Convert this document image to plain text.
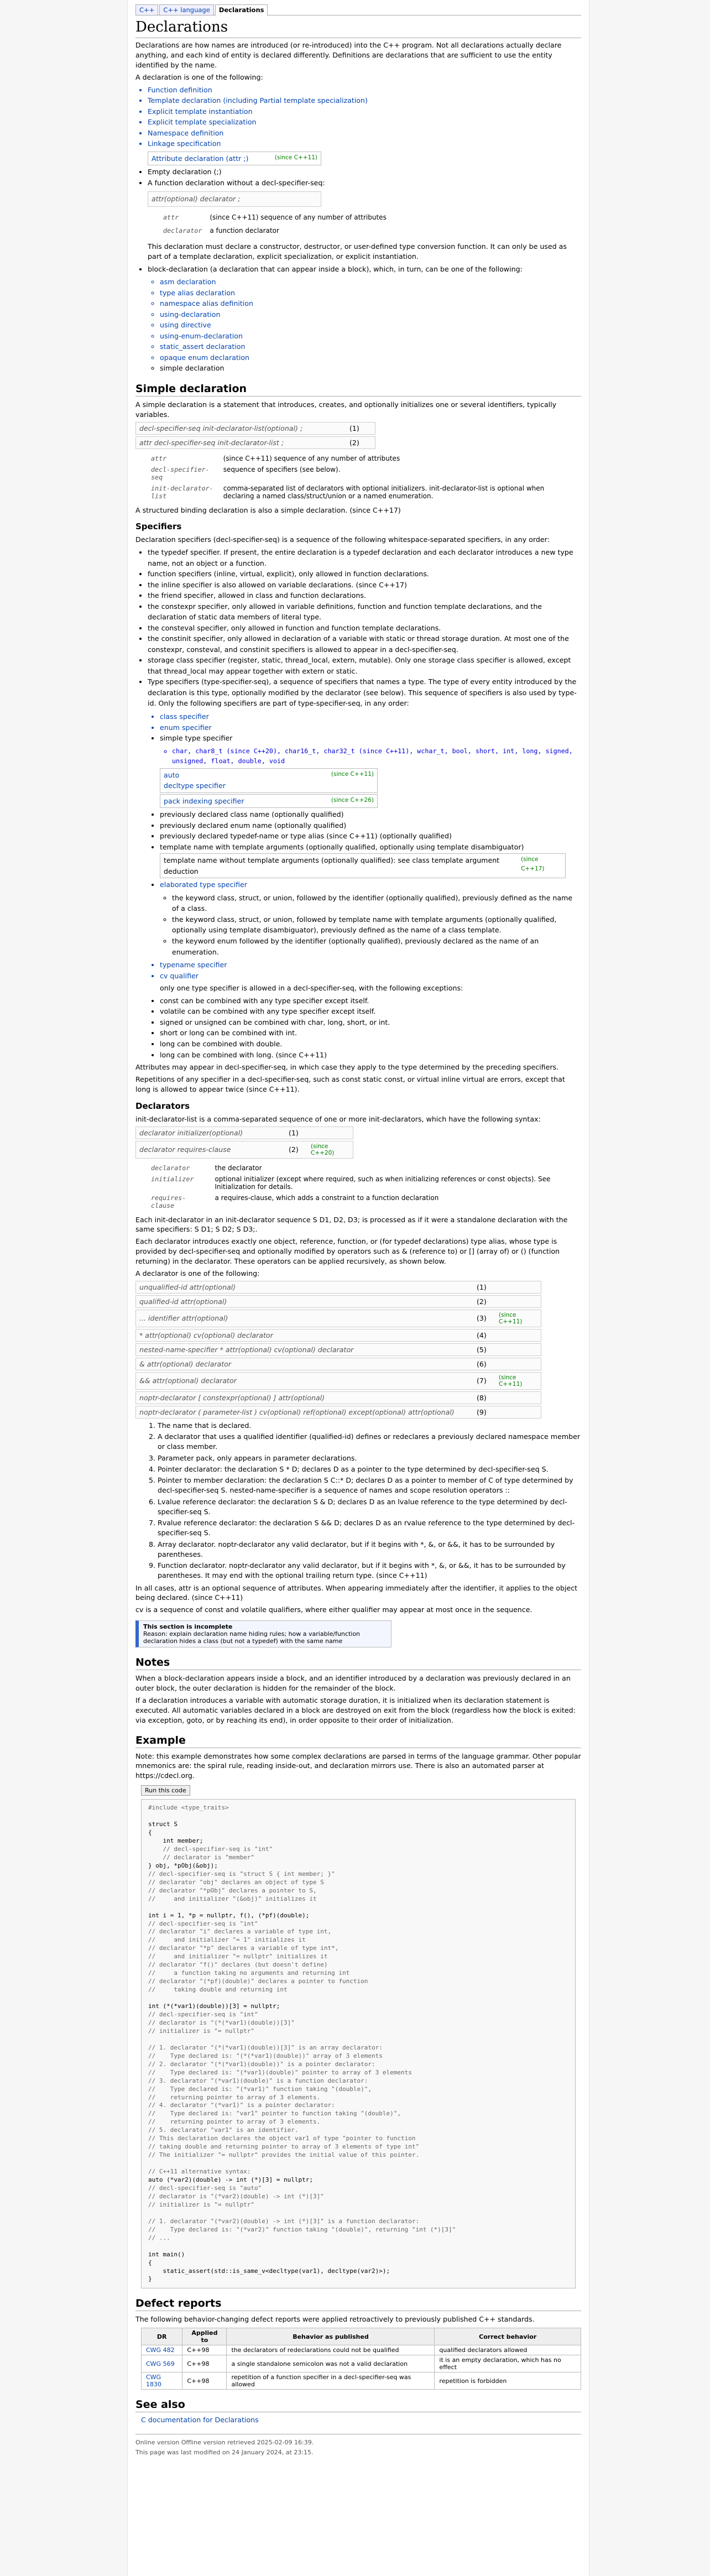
C++	C++ language	Declarations
Declarations

Declarations are how names are introduced (or re-introduced) into the C++ program. Not all declarations actually declare anything, and each kind of entity is declared differently. Definitions are declarations that are sufficient to use the entity identified by the name.

A declaration is one of the following:

• Function definition
• Template declaration (including Partial template specialization)
• Explicit template instantiation
• Explicit template specialization
• Namespace definition
• Linkage specification
Attribute declaration (attr ;)	(since C++11)
• Empty declaration (;)
• A function declaration without a decl-specifier-seq:
attr(optional) declarator ;
attr	(since C++11) sequence of any number of attributes
declarator	a function declarator

This declaration must declare a constructor, destructor, or user-defined type conversion function. It can only be used as part of a template declaration, explicit specialization, or explicit instantiation.

• block-declaration (a declaration that can appear inside a block), which, in turn, can be one of the following:
◦ asm declaration
◦ type alias declaration
◦ namespace alias definition
◦ using-declaration
◦ using directive
◦ using-enum-declaration
◦ static_assert declaration
◦ opaque enum declaration
◦ simple declaration
Simple declaration

A simple declaration is a statement that introduces, creates, and optionally initializes one or several identifiers, typically variables.

decl-specifier-seq init-declarator-list(optional) ;	(1)
attr decl-specifier-seq init-declarator-list ;	(2)
attr	(since C++11) sequence of any number of attributes
decl-specifier-seq	sequence of specifiers (see below).
init-declarator-list	comma-separated list of declarators with optional initializers. init-declarator-list is optional when declaring a named class/struct/union or a named enumeration.

A structured binding declaration is also a simple declaration. (since C++17)

Specifiers

Declaration specifiers (decl-specifier-seq) is a sequence of the following whitespace-separated specifiers, in any order:

• the typedef specifier. If present, the entire declaration is a typedef declaration and each declarator introduces a new type name, not an object or a function.
• function specifiers (inline, virtual, explicit), only allowed in function declarations.
• the inline specifier is also allowed on variable declarations. (since C++17)
• the friend specifier, allowed in class and function declarations.
• the constexpr specifier, only allowed in variable definitions, function and function template declarations, and the declaration of static data members of literal type.
• the consteval specifier, only allowed in function and function template declarations.
• the constinit specifier, only allowed in declaration of a variable with static or thread storage duration. At most one of the constexpr, consteval, and constinit specifiers is allowed to appear in a decl-specifier-seq.
• storage class specifier (register, static, thread_local, extern, mutable). Only one storage class specifier is allowed, except that thread_local may appear together with extern or static.
• Type specifiers (type-specifier-seq), a sequence of specifiers that names a type. The type of every entity introduced by the declaration is this type, optionally modified by the declarator (see below). This sequence of specifiers is also used by type-id. Only the following specifiers are part of type-specifier-seq, in any order:
• class specifier
• enum specifier
• simple type specifier
◦ char, char8_t (since C++20), char16_t, char32_t (since C++11), wchar_t, bool, short, int, long, signed, unsigned, float, double, void
auto
decltype specifier
(since C++11)
pack indexing specifier	(since C++26)
• previously declared class name (optionally qualified)
• previously declared enum name (optionally qualified)
• previously declared typedef-name or type alias (since C++11) (optionally qualified)
• template name with template arguments (optionally qualified, optionally using template disambiguator)
template name without template arguments (optionally qualified): see class template argument deduction
(since C++17)
• elaborated type specifier
◦ the keyword class, struct, or union, followed by the identifier (optionally qualified), previously defined as the name of a class.
◦ the keyword class, struct, or union, followed by template name with template arguments (optionally qualified, optionally using template disambiguator), previously defined as the name of a class template.
◦ the keyword enum followed by the identifier (optionally qualified), previously declared as the name of an enumeration.
• typename specifier
• cv qualifier

only one type specifier is allowed in a decl-specifier-seq, with the following exceptions:

• const can be combined with any type specifier except itself.
• volatile can be combined with any type specifier except itself.
• signed or unsigned can be combined with char, long, short, or int.
• short or long can be combined with int.
• long can be combined with double.
• long can be combined with long. (since C++11)

Attributes may appear in decl-specifier-seq, in which case they apply to the type determined by the preceding specifiers.

Repetitions of any specifier in a decl-specifier-seq, such as const static const, or virtual inline virtual are errors, except that long is allowed to appear twice (since C++11).

Declarators

init-declarator-list is a comma-separated sequence of one or more init-declarators, which have the following syntax:

declarator initializer(optional)	(1)
declarator requires-clause	(2)	(since C++20)
declarator	the declarator
initializer	optional initializer (except where required, such as when initializing references or const objects). See Initialization for details.
requires-clause	a requires-clause, which adds a constraint to a function declaration

Each init-declarator in an init-declarator sequence S D1, D2, D3; is processed as if it were a standalone declaration with the same specifiers: S D1; S D2; S D3;.

Each declarator introduces exactly one object, reference, function, or (for typedef declarations) type alias, whose type is provided by decl-specifier-seq and optionally modified by operators such as & (reference to) or [] (array of) or () (function returning) in the declarator. These operators can be applied recursively, as shown below.

A declarator is one of the following:

unqualified-id attr(optional)	(1)
qualified-id attr(optional)	(2)
... identifier attr(optional)	(3)	(since C++11)
* attr(optional) cv(optional) declarator	(4)
nested-name-specifier * attr(optional) cv(optional) declarator	(5)
& attr(optional) declarator	(6)
&& attr(optional) declarator	(7)	(since C++11)
noptr-declarator [ constexpr(optional) ] attr(optional)	(8)
noptr-declarator ( parameter-list ) cv(optional) ref(optional) except(optional) attr(optional)	(9)
1. The name that is declared.
2. A declarator that uses a qualified identifier (qualified-id) defines or redeclares a previously declared namespace member or class member.
3. Parameter pack, only appears in parameter declarations.
4. Pointer declarator: the declaration S * D; declares D as a pointer to the type determined by decl-specifier-seq S.
5. Pointer to member declaration: the declaration S C::* D; declares D as a pointer to member of C of type determined by decl-specifier-seq S. nested-name-specifier is a sequence of names and scope resolution operators ::
6. Lvalue reference declarator: the declaration S & D; declares D as an lvalue reference to the type determined by decl-specifier-seq S.
7. Rvalue reference declarator: the declaration S && D; declares D as an rvalue reference to the type determined by decl-specifier-seq S.
8. Array declarator. noptr-declarator any valid declarator, but if it begins with *, &, or &&, it has to be surrounded by parentheses.
9. Function declarator. noptr-declarator any valid declarator, but if it begins with *, &, or &&, it has to be surrounded by parentheses. It may end with the optional trailing return type. (since C++11)

In all cases, attr is an optional sequence of attributes. When appearing immediately after the identifier, it applies to the object being declared. (since C++11)

cv is a sequence of const and volatile qualifiers, where either qualifier may appear at most once in the sequence.

This section is incomplete
Reason: explain declaration name hiding rules; how a variable/function declaration hides a class (but not a typedef) with the same name
Notes

When a block-declaration appears inside a block, and an identifier introduced by a declaration was previously declared in an outer block, the outer declaration is hidden for the remainder of the block.

If a declaration introduces a variable with automatic storage duration, it is initialized when its declaration statement is executed. All automatic variables declared in a block are destroyed on exit from the block (regardless how the block is exited: via exception, goto, or by reaching its end), in order opposite to their order of initialization.

Example

Note: this example demonstrates how some complex declarations are parsed in terms of the language grammar. Other popular mnemonics are: the spiral rule, reading inside-out, and declaration mirrors use. There is also an automated parser at https://cdecl.org.

Run this code
#include <type_traits>

struct S
{
int member;
// decl-specifier-seq is "int"
// declarator is "member"
} obj, *pObj(&obj);
// decl-specifier-seq is "struct S { int member; }"
// declarator "obj" declares an object of type S
// declarator "*pObj" declares a pointer to S,
//     and initializer "(&obj)" initializes it

int i = 1, *p = nullptr, f(), (*pf)(double);
// decl-specifier-seq is "int"
// declarator "i" declares a variable of type int,
//     and initializer "= 1" initializes it
// declarator "*p" declares a variable of type int*,
//     and initializer "= nullptr" initializes it
// declarator "f()" declares (but doesn't define)
//     a function taking no arguments and returning int
// declarator "(*pf)(double)" declares a pointer to function
//     taking double and returning int

int (*(*var1)(double))[3] = nullptr;
// decl-specifier-seq is "int"
// declarator is "(*(*var1)(double))[3]"
// initializer is "= nullptr"

// 1. declarator "(*(*var1)(double))[3]" is an array declarator:
//    Type declared is: "(*(*var1)(double))" array of 3 elements
// 2. declarator "(*(*var1)(double))" is a pointer declarator:
//    Type declared is: "(*var1)(double)" pointer to array of 3 elements
// 3. declarator "(*var1)(double)" is a function declarator:
//    Type declared is: "(*var1)" function taking "(double)",
//    returning pointer to array of 3 elements.
// 4. declarator "(*var1)" is a pointer declarator:
//    Type declared is: "var1" pointer to function taking "(double)",
//    returning pointer to array of 3 elements.
// 5. declarator "var1" is an identifier.
// This declaration declares the object var1 of type "pointer to function
// taking double and returning pointer to array of 3 elements of type int"
// The initializer "= nullptr" provides the initial value of this pointer.

// C++11 alternative syntax:
auto (*var2)(double) -> int (*)[3] = nullptr;
// decl-specifier-seq is "auto"
// declarator is "(*var2)(double) -> int (*)[3]"
// initializer is "= nullptr"

// 1. declarator "(*var2)(double) -> int (*)[3]" is a function declarator:
//    Type declared is: "(*var2)" function taking "(double)", returning "int (*)[3]"
// ...

int main()
{
static_assert(std::is_same_v<decltype(var1), decltype(var2)>);
}
Defect reports

The following behavior-changing defect reports were applied retroactively to previously published C++ standards.

DR	Applied to	Behavior as published	Correct behavior
CWG 482	C++98	the declarators of redeclarations could not be qualified	qualified declarators allowed
CWG 569	C++98	a single standalone semicolon was not a valid declaration	it is an empty declaration, which has no effect
CWG 1830	C++98	repetition of a function specifier in a decl-specifier-seq was allowed	repetition is forbidden
See also
C documentation for Declarations
Online version Offline version retrieved 2025-02-09 16:39.
This page was last modified on 24 January 2024, at 23:15.
